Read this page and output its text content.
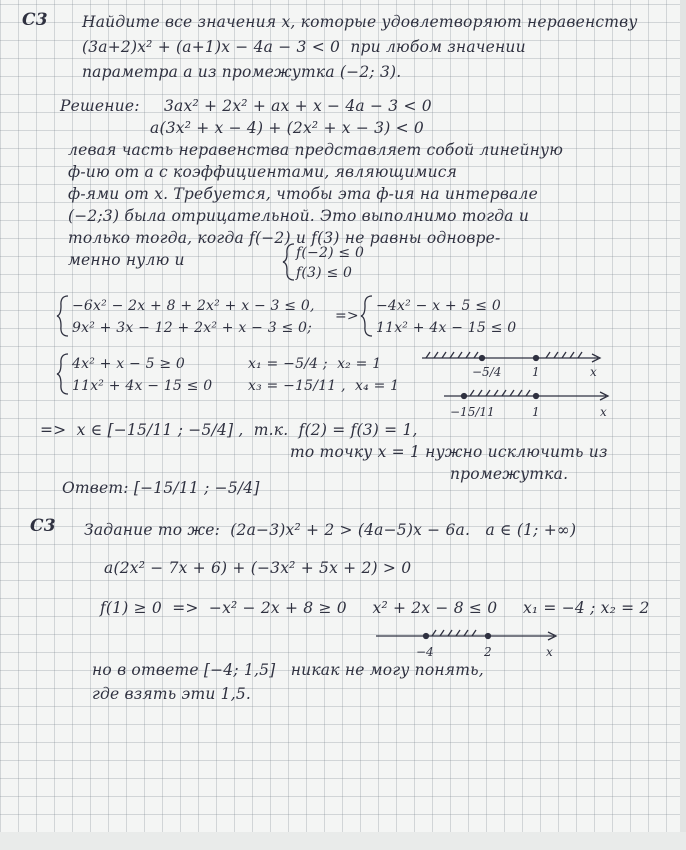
C3 Найдите все значения x, которые удовлетворяют неравенству

(3a+2)x² + (a+1)x − 4a − 3 < 0  при любом значении

параметра a из промежутка (−2; 3).

Решение: 3ax² + 2x² + ax + x − 4a − 3 < 0

a(3x² + x − 4) + (2x² + x − 3) < 0

левая часть неравенства представляет собой линейную

ф-ию от a с коэффициентами, являющимися

ф-ями от x. Требуется, чтобы эта ф-ия на интервале

(−2;3) была отрицательной. Это выполнимо тогда и

только тогда, когда f(−2) и f(3) не равны одновре-

менно нулю и	f(−2) ≤ 0

f(3) ≤ 0

−6x² − 2x + 8 + 2x² + x − 3 ≤ 0,

9x² + 3x − 12 + 2x² + x − 3 ≤ 0;

=>

−4x² − x + 5 ≤ 0

11x² + 4x − 15 ≤ 0

4x² + x − 5 ≥ 0

11x² + 4x − 15 ≤ 0

x₁ = −5/4 ;  x₂ = 1

x₃ = −15/11 ,  x₄ = 1

−5/4	1	x
−15/11	1	x

=>  x ∈ [−15/11 ; −5/4] ,  т.к.  f(2) = f(3) = 1,

то точку x = 1 нужно исключить из

промежутка.

Ответ: [−15/11 ; −5/4]

C3 Задание то же:  (2a−3)x² + 2 > (4a−5)x − 6a.   a ∈ (1; +∞)

a(2x² − 7x + 6) + (−3x² + 5x + 2) > 0

f(1) ≥ 0  =>  −x² − 2x + 8 ≥ 0     x² + 2x − 8 ≤ 0     x₁ = −4 ; x₂ = 2

−4	2	x

но в ответе [−4; 1,5]   никак не могу понять,

где взять эти 1,5.
